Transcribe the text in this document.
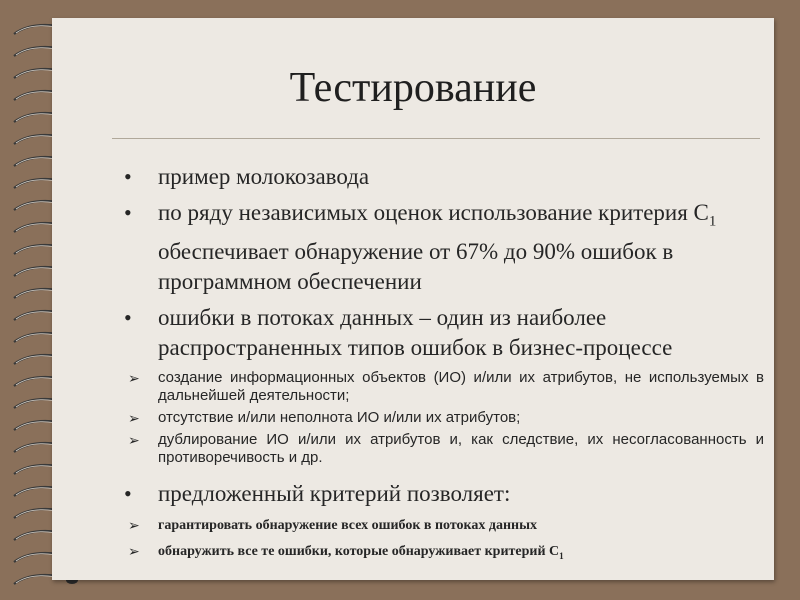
Тестирование
• пример молокозавода
• по ряду независимых оценок использование критерия $С_1$ обеспечивает обнаружение от 67% до 90% ошибок в программном обеспечении
• ошибки в потоках данных – один из наиболее распространенных типов ошибок в бизнес-процессе
➢ создание информационных объектов (ИО) и/или их атрибутов, не используемых в дальнейшей деятельности;
➢ отсутствие и/или неполнота ИО и/или их атрибутов;
➢ дублирование ИО и/или их атрибутов и, как следствие, их несогласованность и противоречивость и др.
• предложенный критерий позволяет:
➢ гарантировать обнаружение всех ошибок в потоках данных
➢ обнаружить все те ошибки, которые обнаруживает критерий $С_1$
